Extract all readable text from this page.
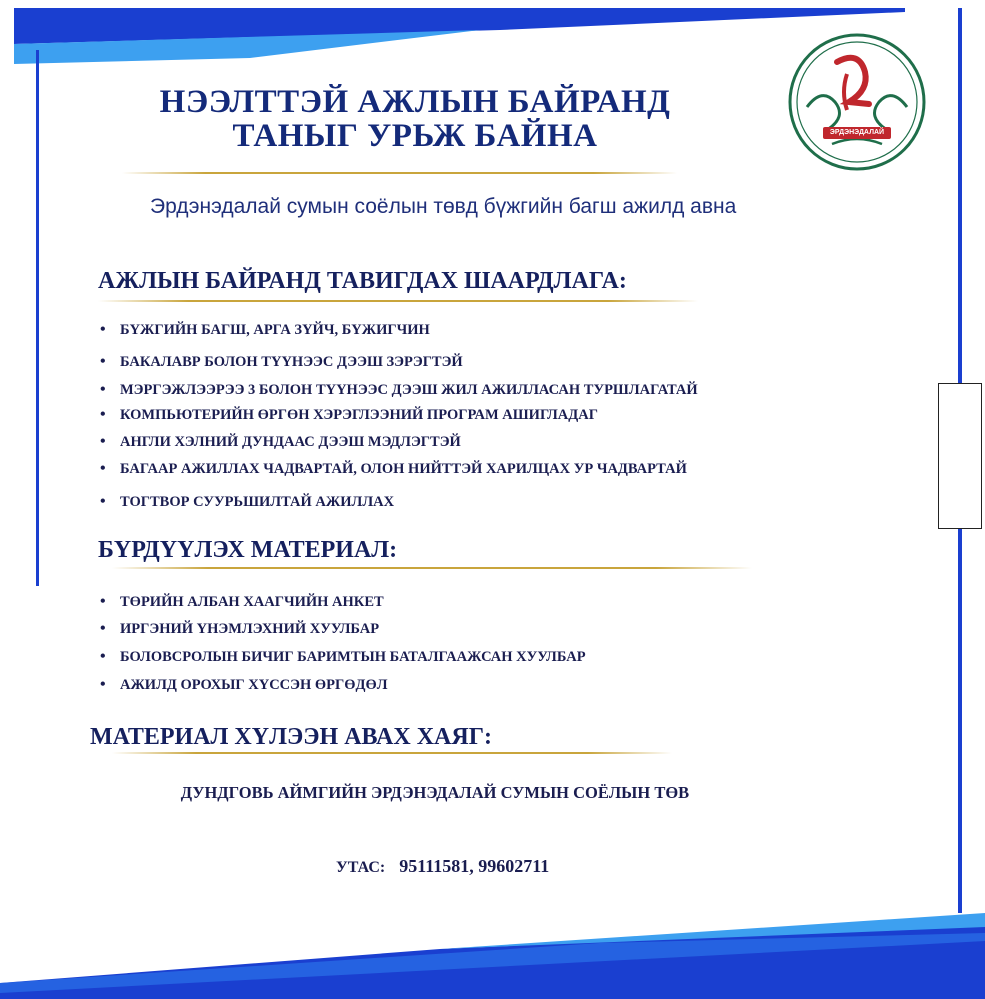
ЭРДЭНЭДАЛАЙ
НЭЭЛТТЭЙ АЖЛЫН БАЙРАНД
ТАНЫГ УРЬЖ БАЙНА
Эрдэнэдалай сумын соёлын төвд бүжгийн багш ажилд авна
АЖЛЫН БАЙРАНД ТАВИГДАХ ШААРДЛАГА:
• БҮЖГИЙН БАГШ, АРГА ЗҮЙЧ, БҮЖИГЧИН
• БАКАЛАВР БОЛОН ТҮҮНЭЭС ДЭЭШ ЗЭРЭГТЭЙ
• МЭРГЭЖЛЭЭРЭЭ 3 БОЛОН ТҮҮНЭЭС ДЭЭШ ЖИЛ АЖИЛЛАСАН ТУРШЛАГАТАЙ
• КОМПЬЮТЕРИЙН ӨРГӨН ХЭРЭГЛЭЭНИЙ ПРОГРАМ АШИГЛАДАГ
• АНГЛИ ХЭЛНИЙ ДУНДААС ДЭЭШ МЭДЛЭГТЭЙ
• БАГААР АЖИЛЛАХ ЧАДВАРТАЙ, ОЛОН НИЙТТЭЙ ХАРИЛЦАХ УР ЧАДВАРТАЙ
• ТОГТВОР СУУРЬШИЛТАЙ АЖИЛЛАХ
БҮРДҮҮЛЭХ МАТЕРИАЛ:
• ТӨРИЙН АЛБАН ХААГЧИЙН АНКЕТ
• ИРГЭНИЙ ҮНЭМЛЭХНИЙ ХУУЛБАР
• БОЛОВСРОЛЫН БИЧИГ БАРИМТЫН БАТАЛГААЖСАН ХУУЛБАР
• АЖИЛД ОРОХЫГ ХҮССЭН ӨРГӨДӨЛ
МАТЕРИАЛ ХҮЛЭЭН АВАХ ХАЯГ:
ДУНДГОВЬ АЙМГИЙН ЭРДЭНЭДАЛАЙ СУМЫН СОЁЛЫН ТӨВ
УТАС: 95111581, 99602711
